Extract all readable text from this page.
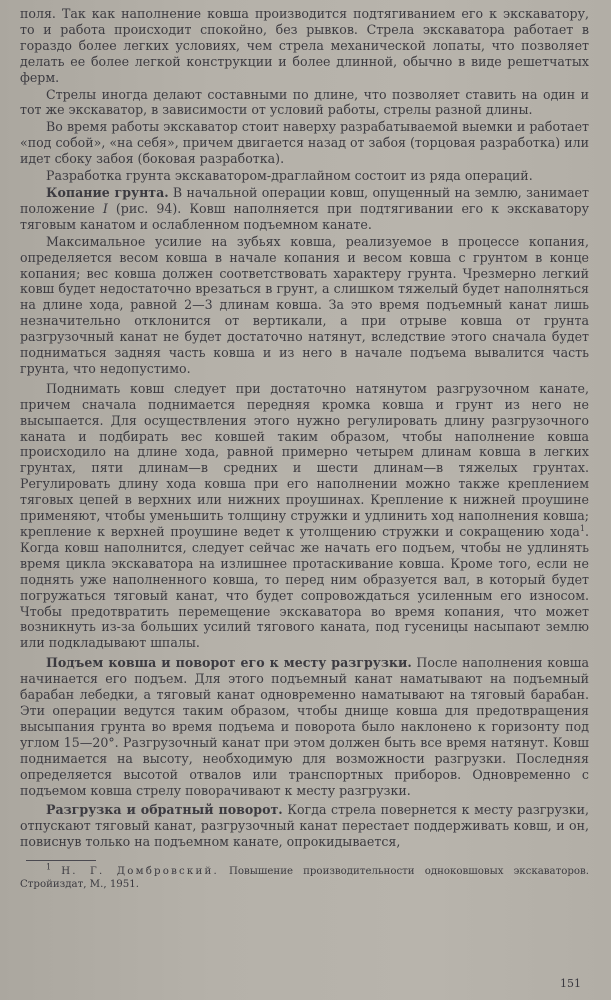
поля. Так как наполнение ковша производится подтягиванием его к экскаватору, то и работа происходит спокойно, без рывков. Стрела экскаватора работает в гораздо более легких условиях, чем стрела механической лопаты, что позволяет делать ее более легкой конструкции и более длинной, обычно в виде решетчатых ферм.

Стрелы иногда делают составными по длине, что позволяет ставить на один и тот же экскаватор, в зависимости от условий работы, стрелы разной длины.

Во время работы экскаватор стоит наверху разрабатываемой выемки и работает «под собой», «на себя», причем двигается назад от забоя (торцовая разработка) или идет сбоку забоя (боковая разработка).

Разработка грунта экскаватором-драглайном состоит из ряда операций.

Копание грунта. В начальной операции ковш, опущенный на землю, занимает положение I (рис. 94). Ковш наполняется при подтягивании его к экскаватору тяговым канатом и ослабленном подъемном канате.

Максимальное усилие на зубьях ковша, реализуемое в процессе копания, определяется весом ковша в начале копания и весом ковша с грунтом в конце копания; вес ковша должен соответствовать характеру грунта. Чрезмерно легкий ковш будет недостаточно врезаться в грунт, а слишком тяжелый будет наполняться на длине хода, равной 2—3 длинам ковша. За это время подъемный канат лишь незначительно отклонится от вертикали, а при отрыве ковша от грунта разгрузочный канат не будет достаточно натянут, вследствие этого сначала будет подниматься задняя часть ковша и из него в начале подъема вывалится часть грунта, что недопустимо.

Поднимать ковш следует при достаточно натянутом разгрузочном канате, причем сначала поднимается передняя кромка ковша и грунт из него не высыпается. Для осуществления этого нужно регулировать длину разгрузочного каната и подбирать вес ковшей таким образом, чтобы наполнение ковша происходило на длине хода, равной примерно четырем длинам ковша в легких грунтах, пяти длинам—в средних и шести длинам—в тяжелых грунтах. Регулировать длину хода ковша при его наполнении можно также креплением тяговых цепей в верхних или нижних проушинах. Крепление к нижней проушине применяют, чтобы уменьшить толщину стружки и удлинить ход наполнения ковша; крепление к верхней проушине ведет к утолщению стружки и сокращению хода$^1$. Когда ковш наполнится, следует сейчас же начать его подъем, чтобы не удлинять время цикла экскаватора на излишнее протаскивание ковша. Кроме того, если не поднять уже наполненного ковша, то перед ним образуется вал, в который будет погружаться тяговый канат, что будет сопровождаться усиленным его износом. Чтобы предотвратить перемещение экскаватора во время копания, что может возникнуть из-за больших усилий тягового каната, под гусеницы насыпают землю или подкладывают шпалы.

Подъем ковша и поворот его к месту разгрузки. После наполнения ковша начинается его подъем. Для этого подъемный канат наматывают на подъемный барабан лебедки, а тяговый канат одновременно наматывают на тяговый барабан. Эти операции ведутся таким образом, чтобы днище ковша для предотвращения высыпания грунта во время подъема и поворота было наклонено к горизонту под углом 15—20°. Разгрузочный канат при этом должен быть все время натянут. Ковш поднимается на высоту, необходимую для возможности разгрузки. Последняя определяется высотой отвалов или транспортных приборов. Одновременно с подъемом ковша стрелу поворачивают к месту разгрузки.

Разгрузка и обратный поворот. Когда стрела повернется к месту разгрузки, отпускают тяговый канат, разгрузочный канат перестает поддерживать ковш, и он, повиснув только на подъемном канате, опрокидывается,

$^1$ Н. Г. Домбровский. Повышение производительности одноковшовых экскаваторов. Стройиздат, М., 1951.

151
